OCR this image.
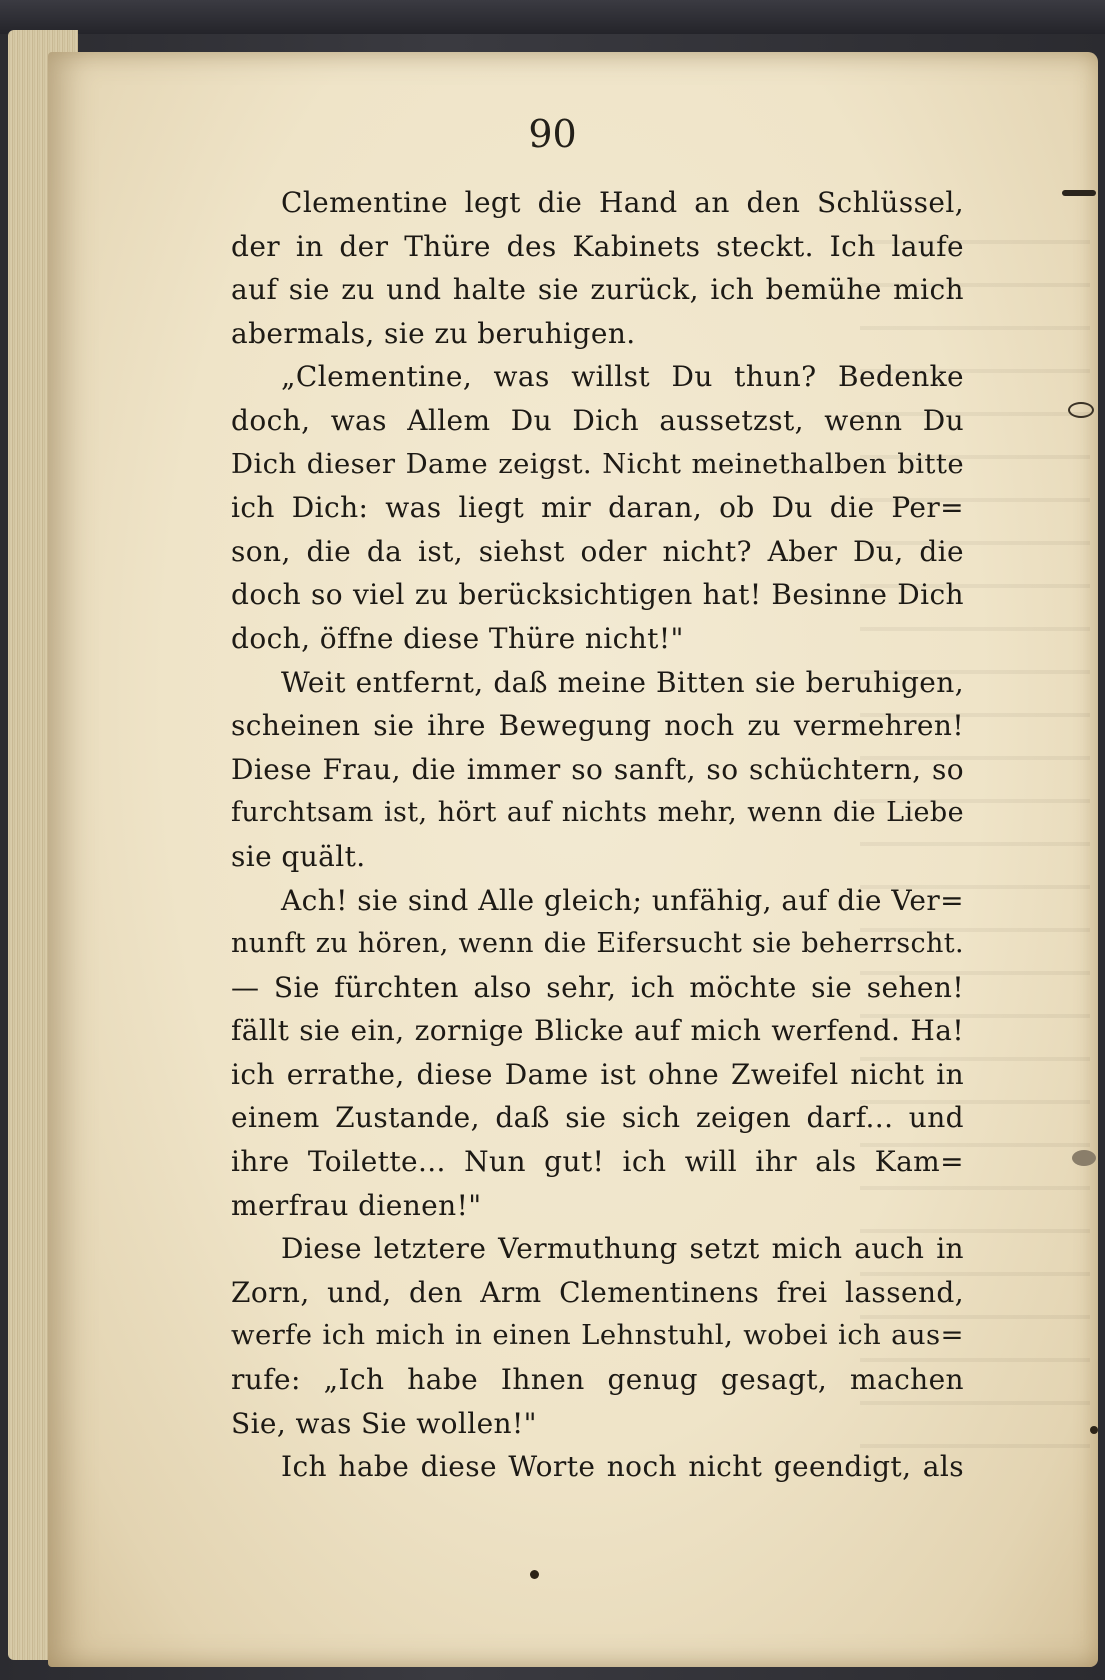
90
Clementine legt die Hand an den Schlüssel,
der in der Thüre des Kabinets steckt. Ich laufe
auf sie zu und halte sie zurück, ich bemühe mich
abermals, sie zu beruhigen.
„Clementine, was willst Du thun? Bedenke
doch, was Allem Du Dich aussetzst, wenn Du
Dich dieser Dame zeigst. Nicht meinethalben bitte
ich Dich: was liegt mir daran, ob Du die Per=
son, die da ist, siehst oder nicht? Aber Du, die
doch so viel zu berücksichtigen hat! Besinne Dich
doch, öffne diese Thüre nicht!"
Weit entfernt, daß meine Bitten sie beruhigen,
scheinen sie ihre Bewegung noch zu vermehren!
Diese Frau, die immer so sanft, so schüchtern, so
furchtsam ist, hört auf nichts mehr, wenn die Liebe
sie quält.
Ach! sie sind Alle gleich; unfähig, auf die Ver=
nunft zu hören, wenn die Eifersucht sie beherrscht.
— Sie fürchten also sehr, ich möchte sie sehen!
fällt sie ein, zornige Blicke auf mich werfend. Ha!
ich errathe, diese Dame ist ohne Zweifel nicht in
einem Zustande, daß sie sich zeigen darf... und
ihre Toilette... Nun gut! ich will ihr als Kam=
merfrau dienen!"
Diese letztere Vermuthung setzt mich auch in
Zorn, und, den Arm Clementinens frei lassend,
werfe ich mich in einen Lehnstuhl, wobei ich aus=
rufe: „Ich habe Ihnen genug gesagt, machen
Sie, was Sie wollen!"
Ich habe diese Worte noch nicht geendigt, als
